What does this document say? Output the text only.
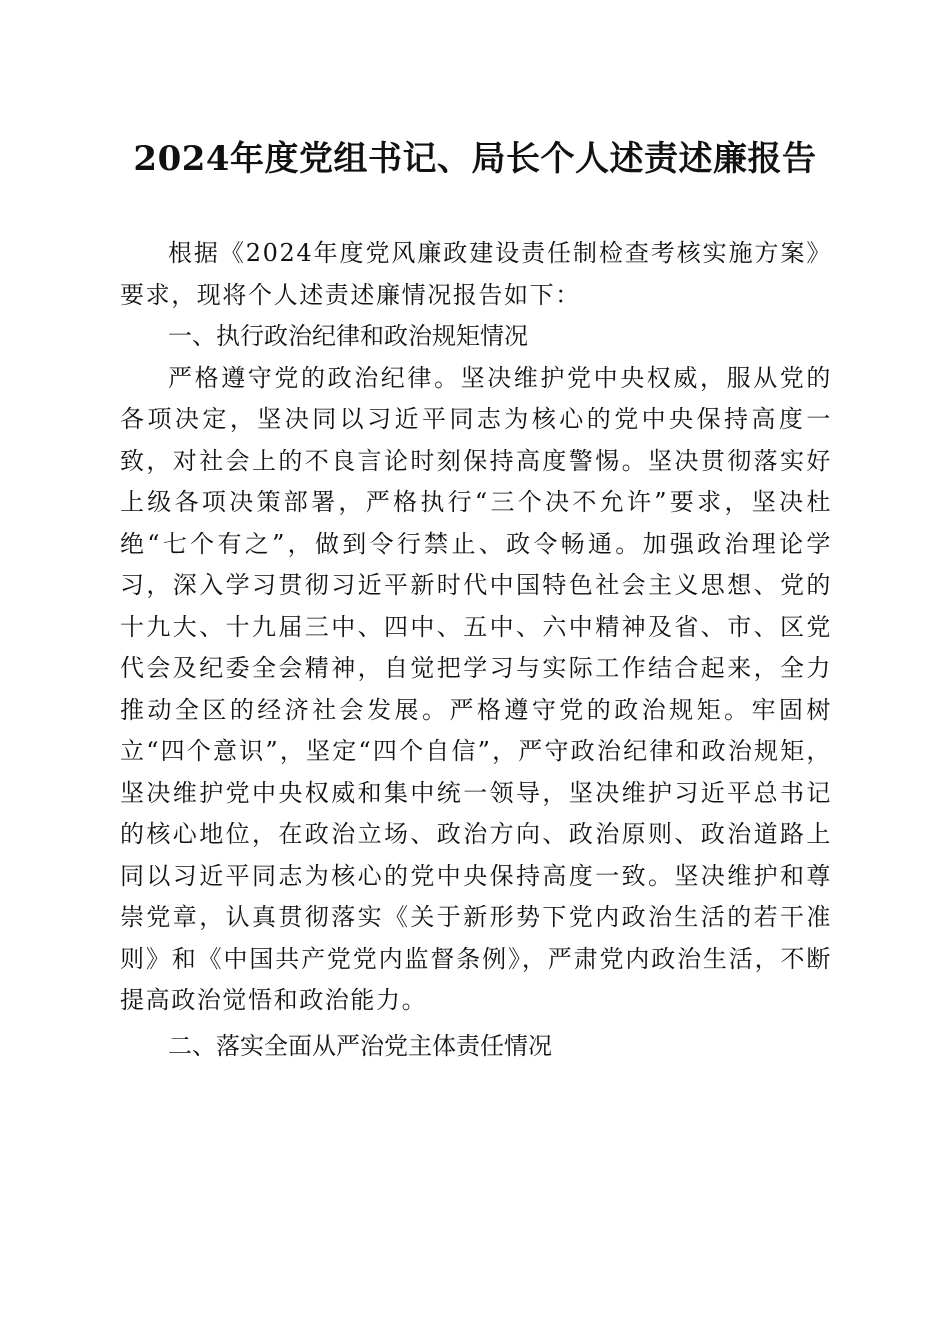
2024年度党组书记、局长个人述责述廉报告

根据《2024年度党风廉政建设责任制检查考核实施方案》要求，现将个人述责述廉情况报告如下：

一、执行政治纪律和政治规矩情况

严格遵守党的政治纪律。坚决维护党中央权威，服从党的各项决定，坚决同以习近平同志为核心的党中央保持高度一致，对社会上的不良言论时刻保持高度警惕。坚决贯彻落实好上级各项决策部署，严格执行“三个决不允许”要求，坚决杜绝“七个有之”，做到令行禁止、政令畅通。加强政治理论学习，深入学习贯彻习近平新时代中国特色社会主义思想、党的十九大、十九届三中、四中、五中、六中精神及省、市、区党代会及纪委全会精神，自觉把学习与实际工作结合起来，全力推动全区的经济社会发展。严格遵守党的政治规矩。牢固树立“四个意识”，坚定“四个自信”，严守政治纪律和政治规矩，坚决维护党中央权威和集中统一领导，坚决维护习近平总书记的核心地位，在政治立场、政治方向、政治原则、政治道路上同以习近平同志为核心的党中央保持高度一致。坚决维护和尊崇党章，认真贯彻落实《关于新形势下党内政治生活的若干准则》和《中国共产党党内监督条例》，严肃党内政治生活，不断提高政治觉悟和政治能力。

二、落实全面从严治党主体责任情况
